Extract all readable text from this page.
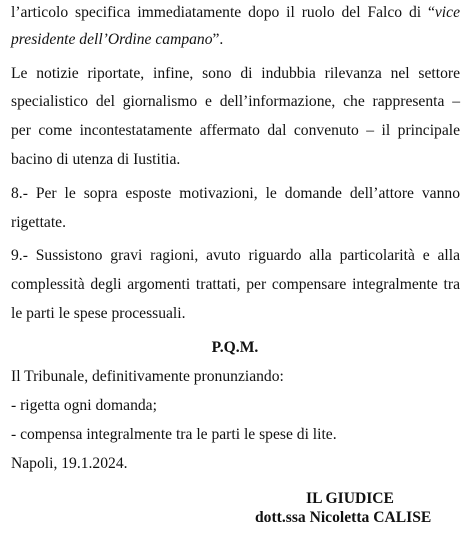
l’articolo specifica immediatamente dopo il ruolo del Falco di “vice
presidente dell’Ordine campano”.
Le notizie riportate, infine, sono di indubbia rilevanza nel settore
specialistico del giornalismo e dell’informazione, che rappresenta –
per come incontestatamente affermato dal convenuto – il principale
bacino di utenza di Iustitia.
8.- Per le sopra esposte motivazioni, le domande dell’attore vanno
rigettate.
9.- Sussistono gravi ragioni, avuto riguardo alla particolarità e alla
complessità degli argomenti trattati, per compensare integralmente tra
le parti le spese processuali.
P.Q.M.
Il Tribunale, definitivamente pronunziando:
- rigetta ogni domanda;
- compensa integralmente tra le parti le spese di lite.
Napoli, 19.1.2024.
IL GIUDICE
dott.ssa Nicoletta CALISE
